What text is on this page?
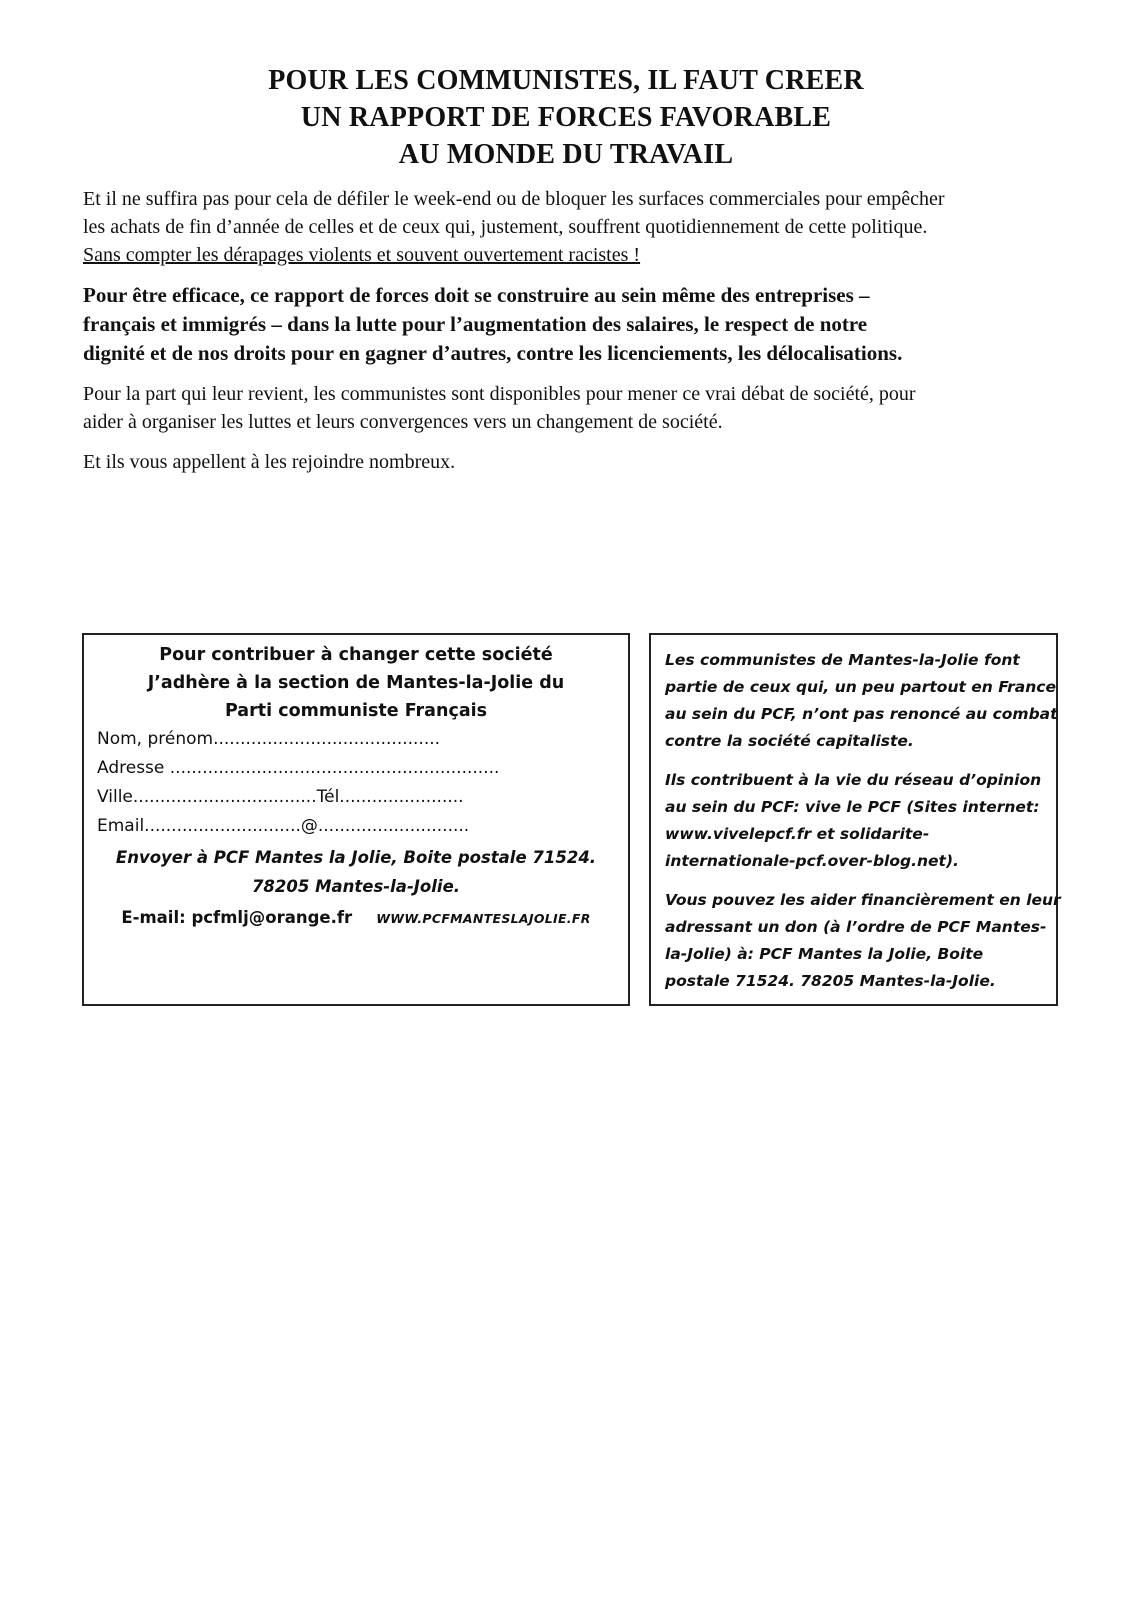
POUR LES COMMUNISTES, IL FAUT CREER
UN RAPPORT DE FORCES FAVORABLE
AU MONDE DU TRAVAIL

Et il ne suffira pas pour cela de défiler le week-end ou de bloquer les surfaces commerciales pour empêcher
les achats de fin d’année de celles et de ceux qui, justement, souffrent quotidiennement de cette politique.
Sans compter les dérapages violents et souvent ouvertement racistes !

Pour être efficace, ce rapport de forces doit se construire au sein même des entreprises –
français et immigrés – dans la lutte pour l’augmentation des salaires, le respect de notre
dignité et de nos droits pour en gagner d’autres, contre les licenciements, les délocalisations.

Pour la part qui leur revient, les communistes sont disponibles pour mener ce vrai débat de société, pour
aider à organiser les luttes et leurs convergences vers un changement de société.

Et ils vous appellent à les rejoindre nombreux.

Pour contribuer à changer cette société
J’adhère à la section de Mantes-la-Jolie du
Parti communiste Français
Nom, prénom..........................................
Adresse .............................................................
Ville..................................Tél.......................
Email.............................@............................
Envoyer à PCF Mantes la Jolie, Boite postale 71524.
78205 Mantes-la-Jolie.
E-mail: pcfmlj@orange.fr WWW.PCFMANTESLAJOLIE.FR

Les communistes de Mantes-la-Jolie font
partie de ceux qui, un peu partout en France
au sein du PCF, n’ont pas renoncé au combat
contre la société capitaliste.

Ils contribuent à la vie du réseau d’opinion
au sein du PCF: vive le PCF (Sites internet:
www.vivelepcf.fr et solidarite-
internationale-pcf.over-blog.net).

Vous pouvez les aider financièrement en leur
adressant un don (à l’ordre de PCF Mantes-
la-Jolie) à: PCF Mantes la Jolie, Boite
postale 71524. 78205 Mantes-la-Jolie.
